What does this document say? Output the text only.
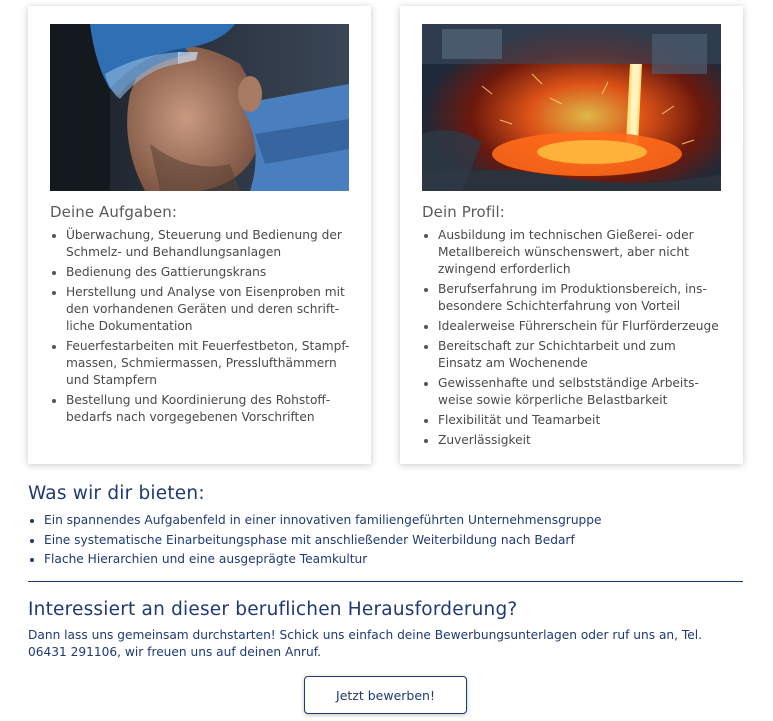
Deine Aufgaben:
Überwachung, Steuerung und Bedienung der Schmelz- und Behandlungsanlagen
Bedienung des Gattierungskrans
Herstellung und Analyse von Eisenproben mit den vorhandenen Geräten und deren schrift-liche Dokumentation
Feuerfestarbeiten mit Feuerfestbeton, Stampf-massen, Schmiermassen, Presslufthämmern und Stampfern
Bestellung und Koordinierung des Rohstoff-bedarfs nach vorgegebenen Vorschriften
Dein Profil:
Ausbildung im technischen Gießerei- oder Metallbereich wünschenswert, aber nicht zwingend erforderlich
Berufserfahrung im Produktionsbereich, ins-besondere Schichterfahrung von Vorteil
Idealerweise Führerschein für Flurförderzeuge
Bereitschaft zur Schichtarbeit und zum Einsatz am Wochenende
Gewissenhafte und selbstständige Arbeits-weise sowie körperliche Belastbarkeit
Flexibilität und Teamarbeit
Zuverlässigkeit
Was wir dir bieten:
Ein spannendes Aufgabenfeld in einer innovativen familiengeführten Unternehmensgruppe
Eine systematische Einarbeitungsphase mit anschließender Weiterbildung nach Bedarf
Flache Hierarchien und eine ausgeprägte Teamkultur
Interessiert an dieser beruflichen Herausforderung?

Dann lass uns gemeinsam durchstarten! Schick uns einfach deine Bewerbungsunterlagen oder ruf uns an, Tel. 06431 291106, wir freuen uns auf deinen Anruf.

Jetzt bewerben!
